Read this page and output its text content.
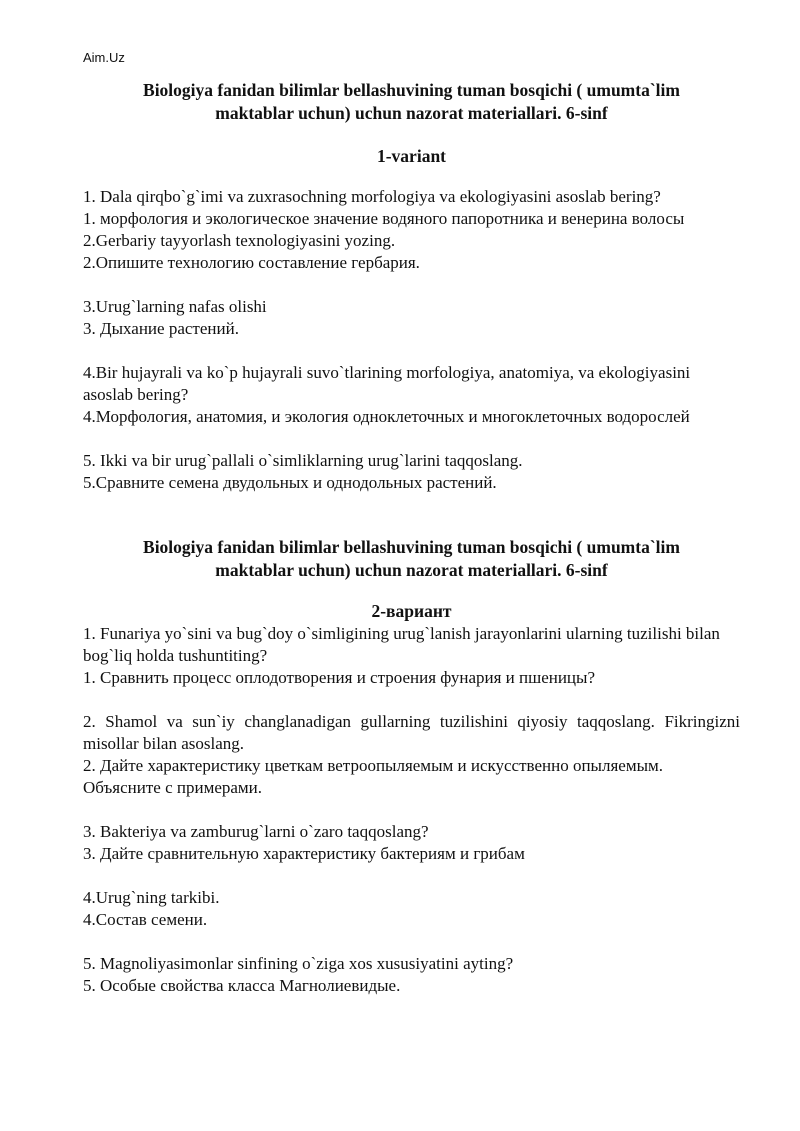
Aim.Uz
Biologiya fanidan bilimlar bellashuvining tuman bosqichi ( umumta`lim
maktablar uchun) uchun nazorat materiallari. 6-sinf
1-variant
1. Dala qirqbo`g`imi va zuxrasochning morfologiya va ekologiyasini asoslab bering?
1. морфология и экологическое значение водяного папоротника и венерина волосы
2.Gerbariy tayyorlash texnologiyasini yozing.
2.Опишите технологию составление гербария.
3.Urug`larning nafas olishi
3. Дыхание растений.
4.Bir hujayrali va ko`p hujayrali suvo`tlarining morfologiya, anatomiya, va ekologiyasini asoslab bering?
4.Морфология, анатомия, и экология одноклеточных и многоклеточных водорослей
5. Ikki va bir urug`pallali o`simliklarning urug`larini taqqoslang.
5.Сравните семена двудольных и однодольных растений.
Biologiya fanidan bilimlar bellashuvining tuman bosqichi ( umumta`lim
maktablar uchun) uchun nazorat materiallari. 6-sinf
2-вариант
1. Funariya yo`sini va bug`doy o`simligining urug`lanish jarayonlarini ularning tuzilishi bilan bog`liq holda tushuntiting?
1. Сравнить процесс оплодотворения и строения фунария и пшеницы?
2. Shamol va sun`iy changlanadigan gullarning tuzilishini qiyosiy taqqoslang. Fikringizni misollar bilan asoslang.
2. Дайте характеристику цветкам ветроопыляемым и искусственно опыляемым. Объясните с примерами.
3. Bakteriya va zamburug`larni o`zaro taqqoslang?
3. Дайте сравнительную характеристику бактериям и грибам
4.Urug`ning tarkibi.
4.Состав семени.
5. Magnoliyasimonlar sinfining o`ziga xos xususiyatini ayting?
5. Особые свойства класса Магнолиевидые.
